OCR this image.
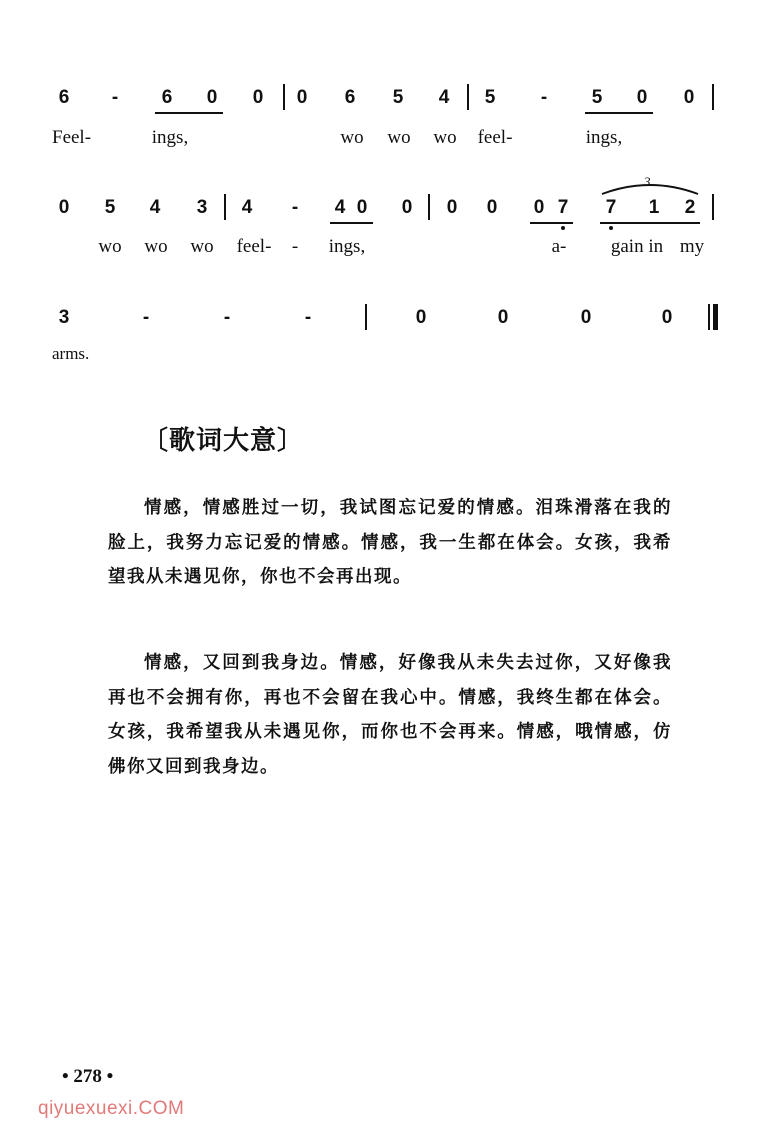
6 - 6 0 0 0 6 5 4 5 - 5 0 0
Feel-	ings,	wo wo wo feel-	ings,
0 5 4 3 4 - 4 0 0 0 0 0 7 7 1 2
3
wo wo wo feel- - ings,	a- gain in my
3	-	-	-	0	0	0	0
arms.
〔歌词大意〕

情感，情感胜过一切，我试图忘记爱的情感。泪珠滑落在我的脸上，我努力忘记爱的情感。情感，我一生都在体会。女孩，我希望我从未遇见你，你也不会再出现。

情感，又回到我身边。情感，好像我从未失去过你，又好像我再也不会拥有你，再也不会留在我心中。情感，我终生都在体会。女孩，我希望我从未遇见你，而你也不会再来。情感，哦情感，仿佛你又回到我身边。

• 278 •
qiyuexuexi.COM
